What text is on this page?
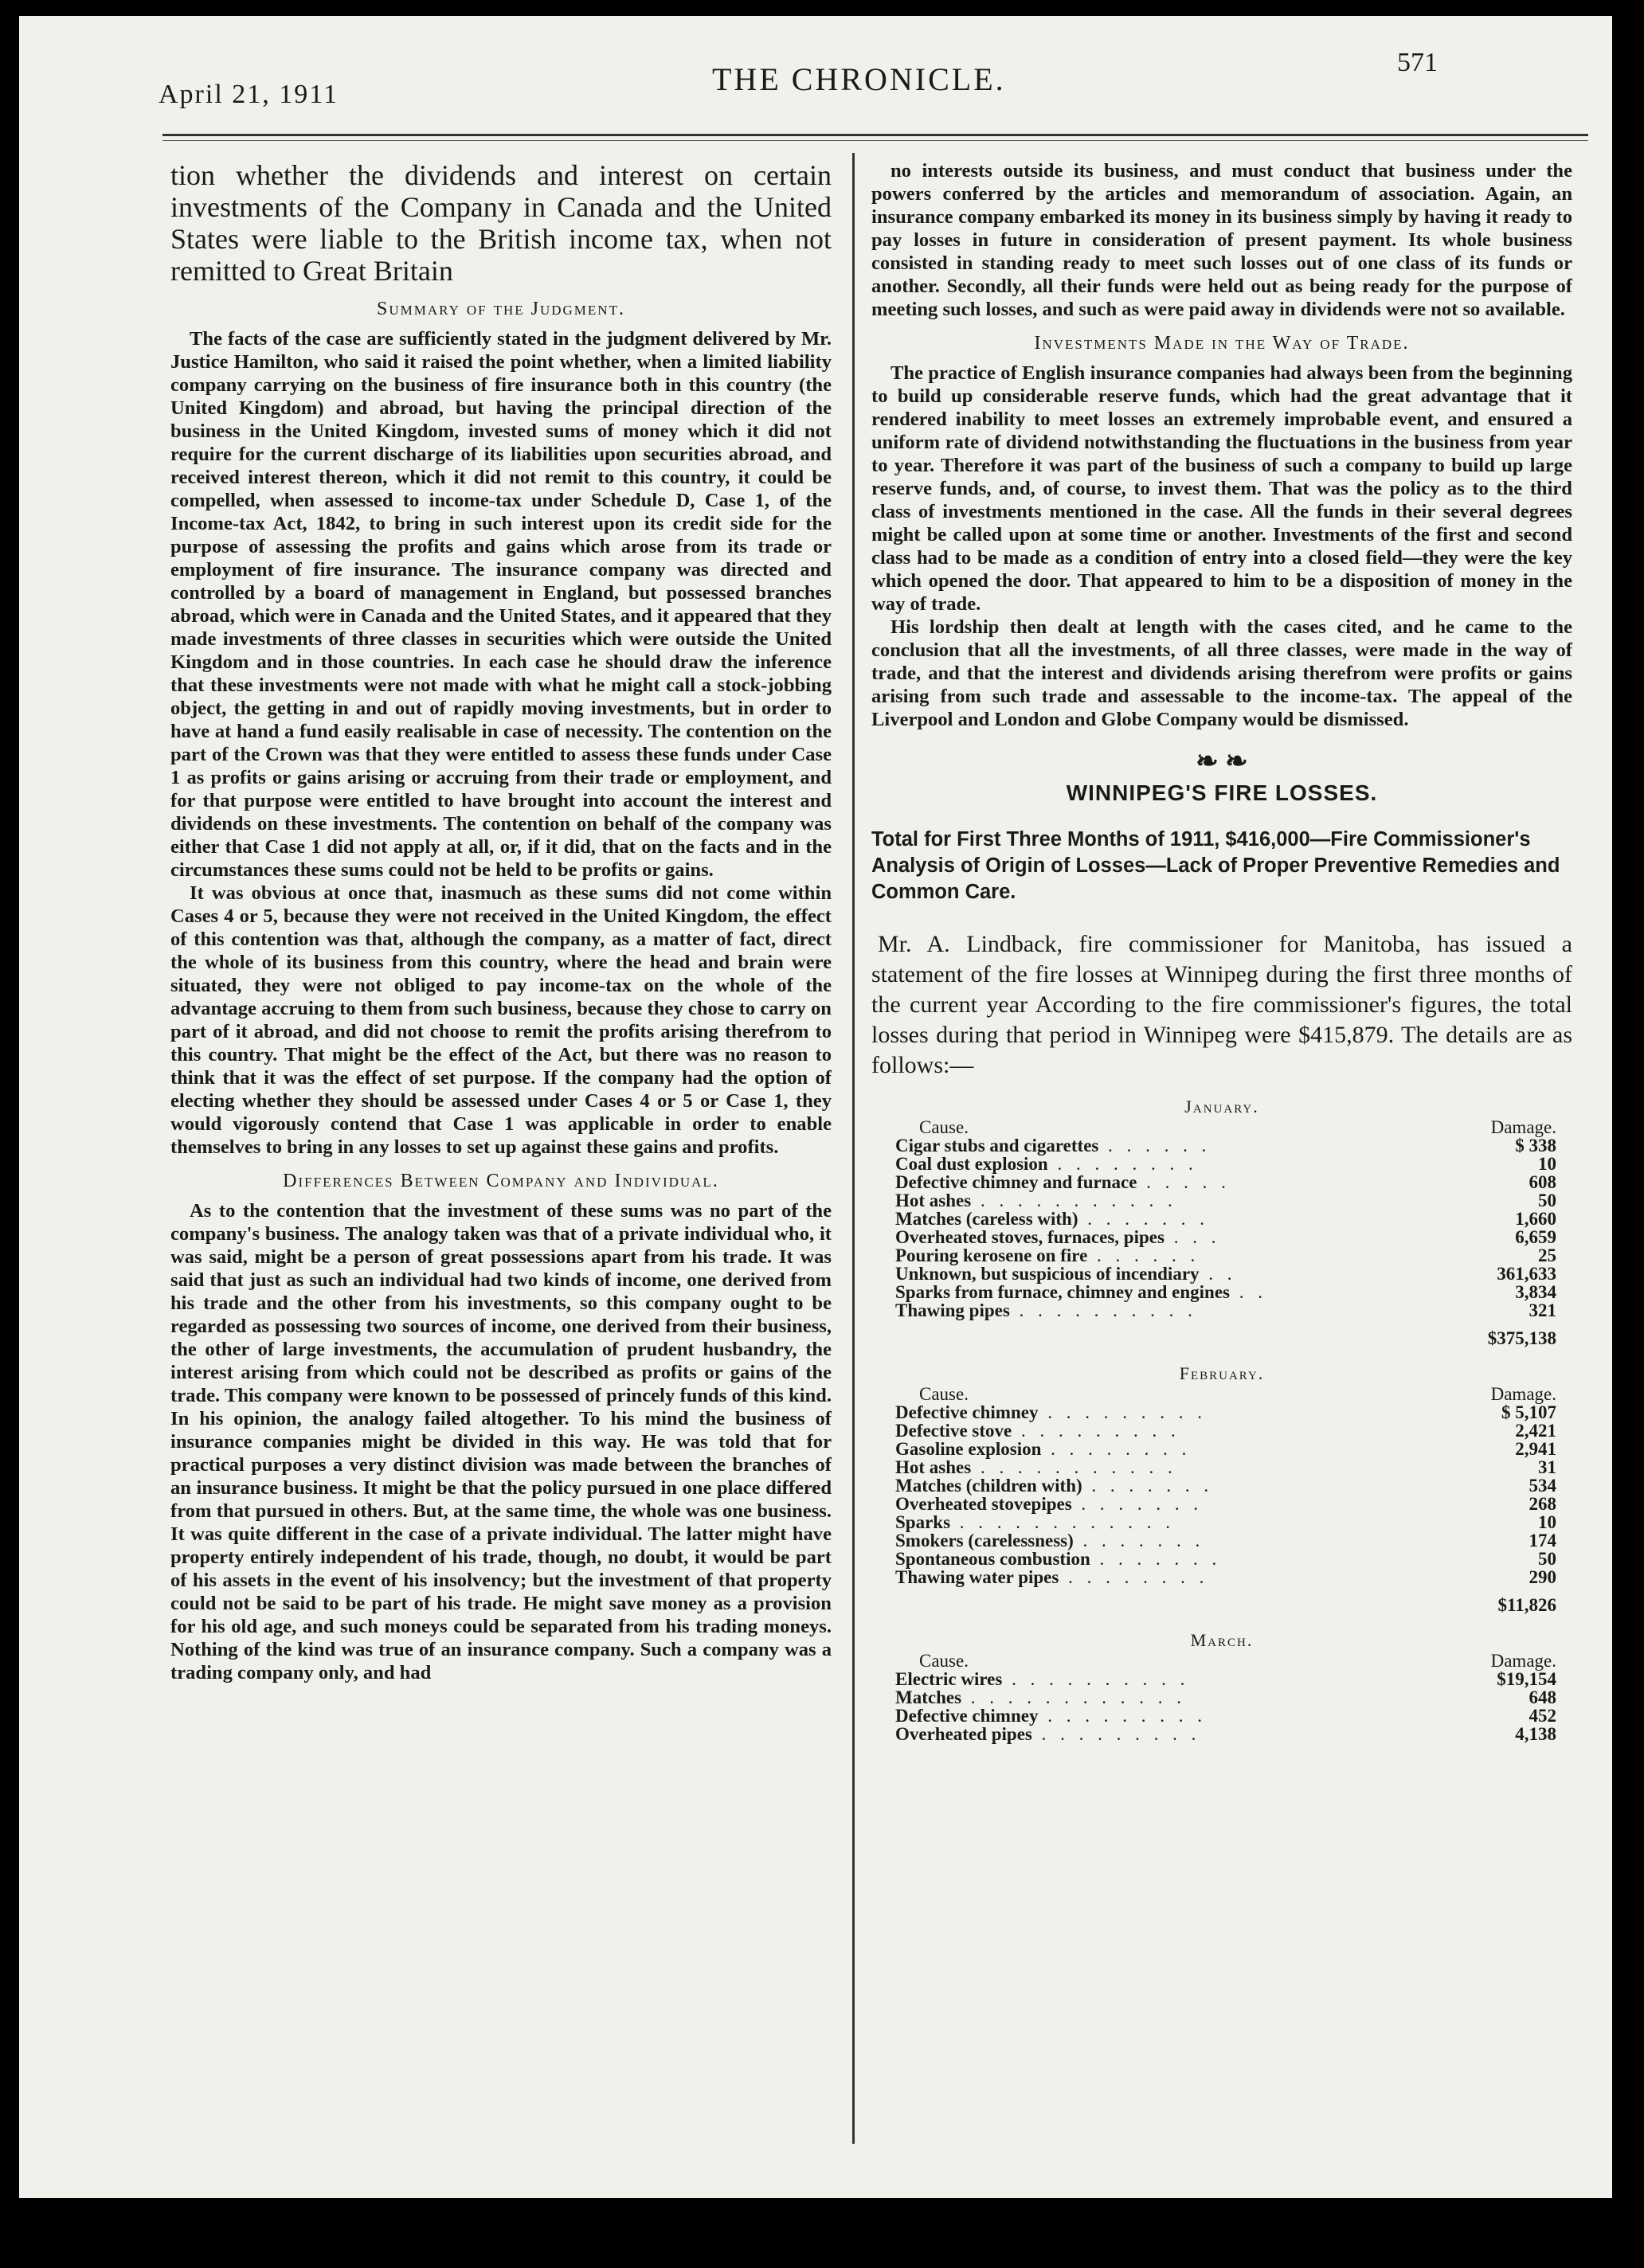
April 21, 1911	THE CHRONICLE.	571

tion whether the dividends and interest on certain investments of the Company in Canada and the United States were liable to the British income tax, when not remitted to Great Britain

Summary of the Judgment.

The facts of the case are sufficiently stated in the judgment delivered by Mr. Justice Hamilton, who said it raised the point whether, when a limited liability company carrying on the business of fire insurance both in this country (the United Kingdom) and abroad, but having the principal direction of the business in the United Kingdom, invested sums of money which it did not require for the current discharge of its liabilities upon securities abroad, and received interest thereon, which it did not remit to this country, it could be compelled, when assessed to income-tax under Schedule D, Case 1, of the Income-tax Act, 1842, to bring in such interest upon its credit side for the purpose of assessing the profits and gains which arose from its trade or employment of fire insurance. The insurance company was directed and controlled by a board of management in England, but possessed branches abroad, which were in Canada and the United States, and it appeared that they made investments of three classes in securities which were outside the United Kingdom and in those countries. In each case he should draw the inference that these investments were not made with what he might call a stock-jobbing object, the getting in and out of rapidly moving investments, but in order to have at hand a fund easily realisable in case of necessity. The contention on the part of the Crown was that they were entitled to assess these funds under Case 1 as profits or gains arising or accruing from their trade or employment, and for that purpose were entitled to have brought into account the interest and dividends on these investments. The contention on behalf of the company was either that Case 1 did not apply at all, or, if it did, that on the facts and in the circumstances these sums could not be held to be profits or gains.

It was obvious at once that, inasmuch as these sums did not come within Cases 4 or 5, because they were not received in the United Kingdom, the effect of this contention was that, although the company, as a matter of fact, direct the whole of its business from this country, where the head and brain were situated, they were not obliged to pay income-tax on the whole of the advantage accruing to them from such business, because they chose to carry on part of it abroad, and did not choose to remit the profits arising therefrom to this country. That might be the effect of the Act, but there was no reason to think that it was the effect of set purpose. If the company had the option of electing whether they should be assessed under Cases 4 or 5 or Case 1, they would vigorously contend that Case 1 was applicable in order to enable themselves to bring in any losses to set up against these gains and profits.

Differences Between Company and Individual.

As to the contention that the investment of these sums was no part of the company's business. The analogy taken was that of a private individual who, it was said, might be a person of great possessions apart from his trade. It was said that just as such an individual had two kinds of income, one derived from his trade and the other from his investments, so this company ought to be regarded as possessing two sources of income, one derived from their business, the other of large investments, the accumulation of prudent husbandry, the interest arising from which could not be described as profits or gains of the trade. This company were known to be possessed of princely funds of this kind. In his opinion, the analogy failed altogether. To his mind the business of insurance companies might be divided in this way. He was told that for practical purposes a very distinct division was made between the branches of an insurance business. It might be that the policy pursued in one place differed from that pursued in others. But, at the same time, the whole was one business. It was quite different in the case of a private individual. The latter might have property entirely independent of his trade, though, no doubt, it would be part of his assets in the event of his insolvency; but the investment of that property could not be said to be part of his trade. He might save money as a provision for his old age, and such moneys could be separated from his trading moneys. Nothing of the kind was true of an insurance company. Such a company was a trading company only, and had

no interests outside its business, and must conduct that business under the powers conferred by the articles and memorandum of association. Again, an insurance company embarked its money in its business simply by having it ready to pay losses in future in consideration of present payment. Its whole business consisted in standing ready to meet such losses out of one class of its funds or another. Secondly, all their funds were held out as being ready for the purpose of meeting such losses, and such as were paid away in dividends were not so available.

Investments Made in the Way of Trade.

The practice of English insurance companies had always been from the beginning to build up considerable reserve funds, which had the great advantage that it rendered inability to meet losses an extremely improbable event, and ensured a uniform rate of dividend notwithstanding the fluctuations in the business from year to year. Therefore it was part of the business of such a company to build up large reserve funds, and, of course, to invest them. That was the policy as to the third class of investments mentioned in the case. All the funds in their several degrees might be called upon at some time or another. Investments of the first and second class had to be made as a condition of entry into a closed field—they were the key which opened the door. That appeared to him to be a disposition of money in the way of trade.

His lordship then dealt at length with the cases cited, and he came to the conclusion that all the investments, of all three classes, were made in the way of trade, and that the interest and dividends arising therefrom were profits or gains arising from such trade and assessable to the income-tax. The appeal of the Liverpool and London and Globe Company would be dismissed.

❧ ❧
WINNIPEG'S FIRE LOSSES.
Total for First Three Months of 1911, $416,000—Fire Commissioner's Analysis of Origin of Losses—Lack of Proper Preventive Remedies and Common Care.

Mr. A. Lindback, fire commissioner for Manitoba, has issued a statement of the fire losses at Winnipeg during the first three months of the current year According to the fire commissioner's figures, the total losses during that period in Winnipeg were $415,879. The details are as follows:—

January.
Cause.	Damage.
Cigar stubs and cigarettes . . . . . .	$ 338
Coal dust explosion . . . . . . . .	10
Defective chimney and furnace . . . . .	608
Hot ashes . . . . . . . . . . .	50
Matches (careless with) . . . . . . .	1,660
Overheated stoves, furnaces, pipes . . .	6,659
Pouring kerosene on fire . . . . . .	25
Unknown, but suspicious of incendiary . .	361,633
Sparks from furnace, chimney and engines . .	3,834
Thawing pipes . . . . . . . . . .	321
	$375,138
February.
Cause.	Damage.
Defective chimney . . . . . . . . .	$ 5,107
Defective stove . . . . . . . . .	2,421
Gasoline explosion . . . . . . . .	2,941
Hot ashes . . . . . . . . . . .	31
Matches (children with) . . . . . . .	534
Overheated stovepipes . . . . . . .	268
Sparks . . . . . . . . . . . .	10
Smokers (carelessness) . . . . . . .	174
Spontaneous combustion . . . . . . .	50
Thawing water pipes . . . . . . . .	290
	$11,826
March.
Cause.	Damage.
Electric wires . . . . . . . . . .	$19,154
Matches . . . . . . . . . . . .	648
Defective chimney . . . . . . . . .	452
Overheated pipes . . . . . . . . .	4,138
